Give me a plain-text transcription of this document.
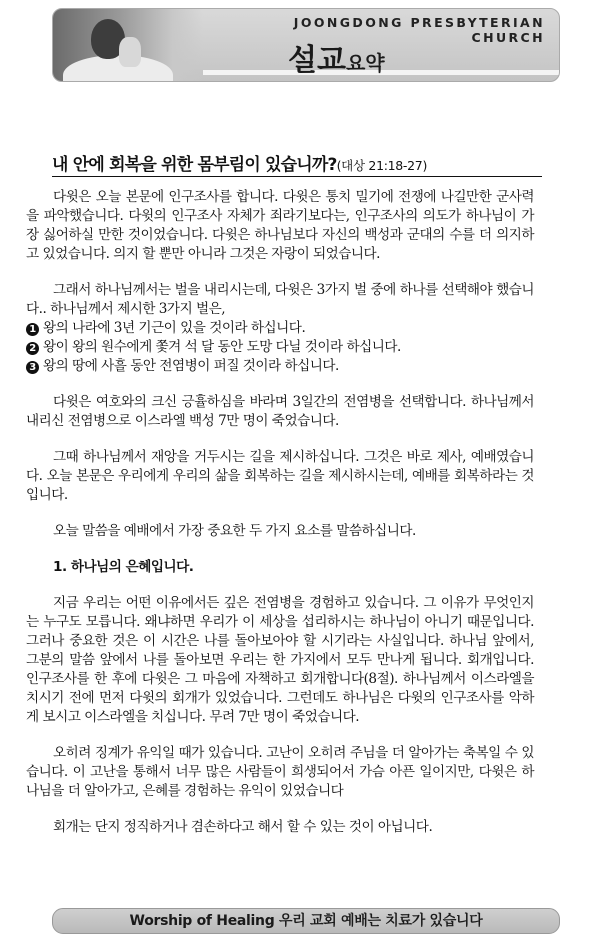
JOONGDONG PRESBYTERIAN CHURCH
설교요약
내 안에 회복을 위한 몸부림이 있습니까?(대상 21:18-27)

다윗은 오늘 본문에 인구조사를 합니다. 다윗은 통치 밀기에 전쟁에 나길만한 군사력을 파악했습니다. 다윗의 인구조사 자체가 죄라기보다는, 인구조사의 의도가 하나님이 가장 싫어하실 만한 것이었습니다. 다윗은 하나님보다 자신의 백성과 군대의 수를 더 의지하고 있었습니다. 의지 할 뿐만 아니라 그것은 자랑이 되었습니다.

그래서 하나님께서는 벌을 내리시는데, 다윗은 3가지 벌 중에 하나를 선택해야 했습니다.. 하나님께서 제시한 3가지 벌은,

1 왕의 나라에 3년 기근이 있을 것이라 하십니다.
2 왕이 왕의 원수에게 쫓겨 석 달 동안 도망 다닐 것이라 하십니다.
3 왕의 땅에 사흘 동안 전염병이 퍼질 것이라 하십니다.

다윗은 여호와의 크신 긍휼하심을 바라며 3일간의 전염병을 선택합니다. 하나님께서 내리신 전염병으로 이스라엘 백성 7만 명이 죽었습니다.

그때 하나님께서 재앙을 거두시는 길을 제시하십니다. 그것은 바로 제사, 예배였습니다. 오늘 본문은 우리에게 우리의 삶을 회복하는 길을 제시하시는데, 예배를 회복하라는 것입니다.

오늘 말씀을 예배에서 가장 중요한 두 가지 요소를 말씀하십니다.

1. 하나님의 은혜입니다.

지금 우리는 어떤 이유에서든 깊은 전염병을 경험하고 있습니다. 그 이유가 무엇인지는 누구도 모릅니다. 왜냐하면 우리가 이 세상을 섭리하시는 하나님이 아니기 때문입니다. 그러나 중요한 것은 이 시간은 나를 돌아보아야 할 시기라는 사실입니다. 하나님 앞에서, 그분의 말씀 앞에서 나를 돌아보면 우리는 한 가지에서 모두 만나게 됩니다. 회개입니다. 인구조사를 한 후에 다윗은 그 마음에 자책하고 회개합니다(8절). 하나님께서 이스라엘을 치시기 전에 먼저 다윗의 회개가 있었습니다. 그런데도 하나님은 다윗의 인구조사를 악하게 보시고 이스라엘을 치십니다. 무려 7만 명이 죽었습니다.

오히려 징계가 유익일 때가 있습니다. 고난이 오히려 주님을 더 알아가는 축복일 수 있습니다. 이 고난을 통해서 너무 많은 사람들이 희생되어서 가슴 아픈 일이지만, 다윗은 하나님을 더 알아가고, 은혜를 경험하는 유익이 있었습니다

회개는 단지 정직하거나 겸손하다고 해서 할 수 있는 것이 아닙니다.

Worship of Healing 우리 교회 예배는 치료가 있습니다
